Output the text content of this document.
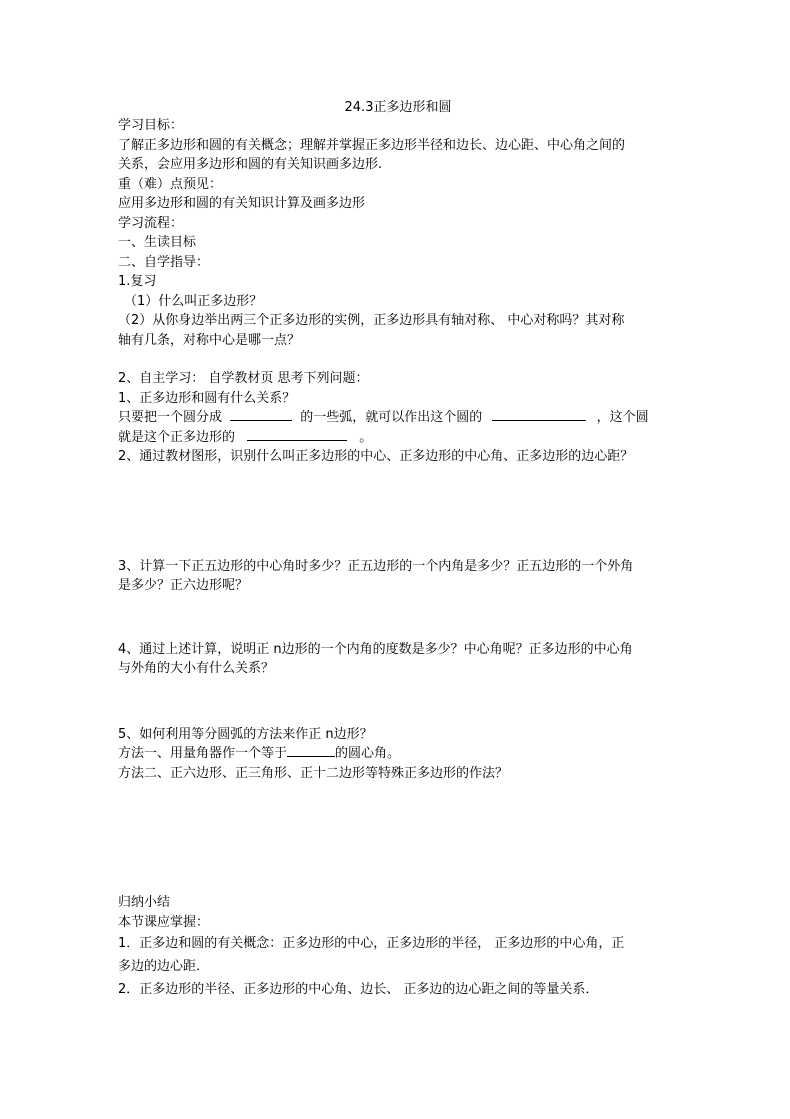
24.3正多边形和圆
学习目标：
了解正多边形和圆的有关概念；理解并掌握正多边形半径和边长、边心距、中心角之间的
关系，会应用多边形和圆的有关知识画多边形.
重（难）点预见：
应用多边形和圆的有关知识计算及画多边形
学习流程：
一、生读目标
二、自学指导：
1.复习
（1）什么叫正多边形？
（2）从你身边举出两三个正多边形的实例，正多边形具有轴对称、 中心对称吗？其对称
轴有几条，对称中心是哪一点？
2、自主学习： 自学教材页 思考下列问题：
1、正多边形和圆有什么关系？
只要把一个圆分成	的一些弧，就可以作出这个圆的	，这个圆
就是这个正多边形的	。
2、通过教材图形，识别什么叫正多边形的中心、正多边形的中心角、正多边形的边心距？
3、计算一下正五边形的中心角时多少？正五边形的一个内角是多少？正五边形的一个外角
是多少？正六边形呢？
4、通过上述计算，说明正 n边形的一个内角的度数是多少？中心角呢？正多边形的中心角
与外角的大小有什么关系？
5、如何利用等分圆弧的方法来作正 n边形？
方法一、用量角器作一个等于	的圆心角。
方法二、正六边形、正三角形、正十二边形等特殊正多边形的作法？
归纳小结
本节课应掌握：
1．正多边和圆的有关概念：正多边形的中心，正多边形的半径， 正多边形的中心角，正
多边的边心距．
2．正多边形的半径、正多边形的中心角、边长、 正多边的边心距之间的等量关系．
